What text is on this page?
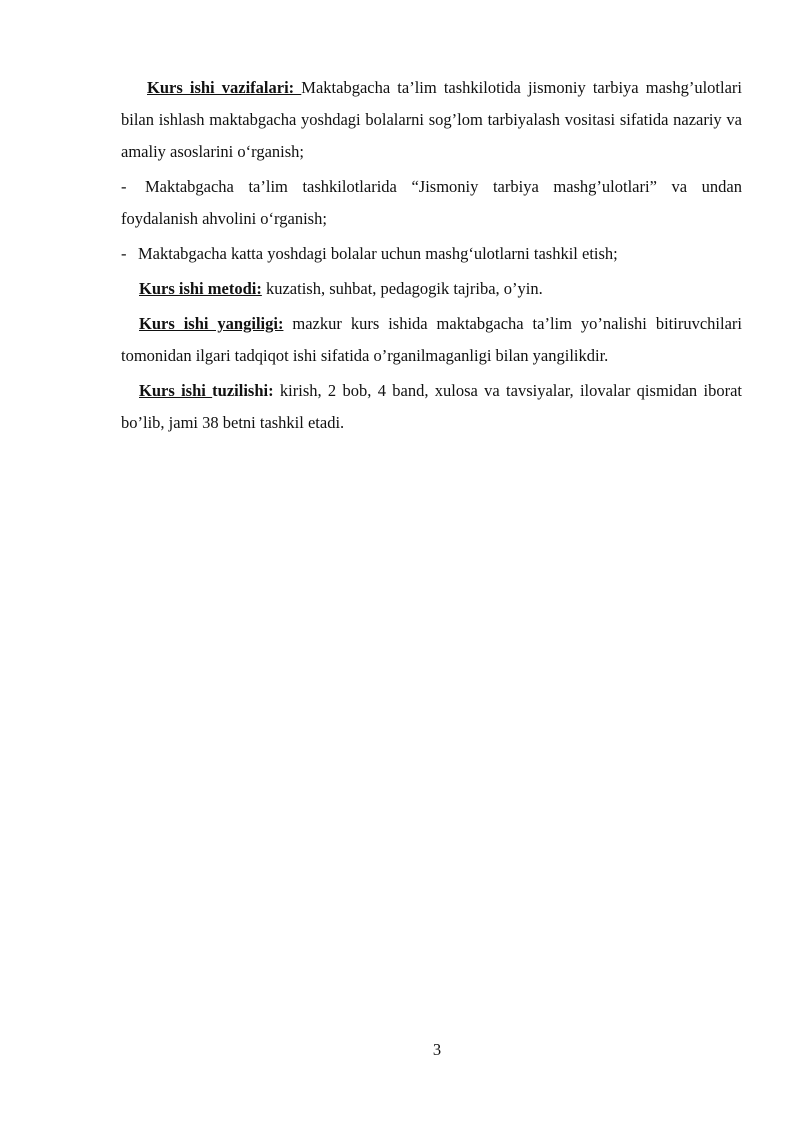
Kurs ishi vazifalari: Maktabgacha ta’lim tashkilotida jismoniy tarbiya mashg’ulotlari bilan ishlash maktabgacha yoshdagi bolalarni sog’lom tarbiyalash vositasi sifatida nazariy va amaliy asoslarini o‘rganish;

- Maktabgacha ta’lim tashkilotlarida “Jismoniy tarbiya mashg’ulotlari” va undan foydalanish ahvolini o‘rganish;

- Maktabgacha katta yoshdagi bolalar uchun mashg‘ulotlarni tashkil etish;

Kurs ishi metodi: kuzatish, suhbat, pedagogik tajriba, o’yin.

Kurs ishi yangiligi: mazkur kurs ishida maktabgacha ta’lim yo’nalishi bitiruvchilari tomonidan ilgari tadqiqot ishi sifatida o’rganilmaganligi bilan yangilikdir.

Kurs ishi tuzilishi: kirish, 2 bob, 4 band, xulosa va tavsiyalar, ilovalar qismidan iborat bo’lib, jami 38 betni tashkil etadi.

3
